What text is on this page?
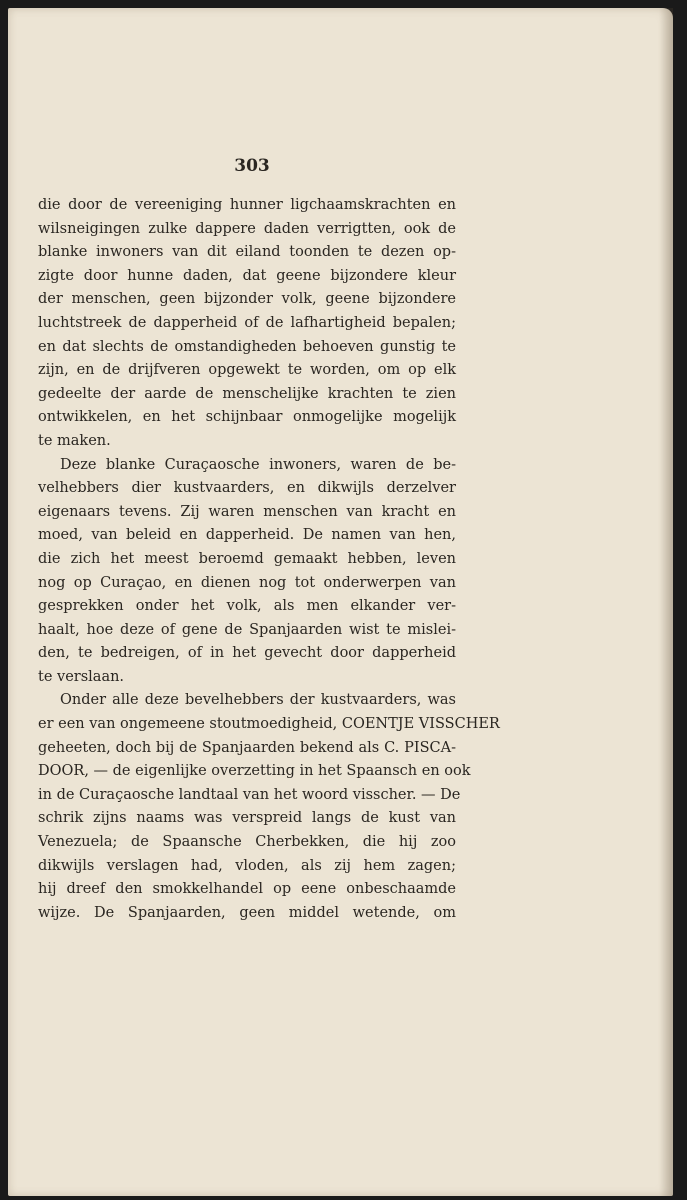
303
die door de vereeniging hunner ligchaamskrachten en
wilsneigingen zulke dappere daden verrigtten, ook de
blanke inwoners van dit eiland toonden te dezen op-
zigte door hunne daden, dat geene bijzondere kleur
der menschen, geen bijzonder volk, geene bijzondere
luchtstreek de dapperheid of de lafhartigheid bepalen;
en dat slechts de omstandigheden behoeven gunstig te
zijn, en de drijfveren opgewekt te worden, om op elk
gedeelte der aarde de menschelijke krachten te zien
ontwikkelen, en het schijnbaar onmogelijke mogelijk
te maken.
Deze blanke Curaçaosche inwoners, waren de be-
velhebbers dier kustvaarders, en dikwijls derzelver
eigenaars tevens. Zij waren menschen van kracht en
moed, van beleid en dapperheid. De namen van hen,
die zich het meest beroemd gemaakt hebben, leven
nog op Curaçao, en dienen nog tot onderwerpen van
gesprekken onder het volk, als men elkander ver-
haalt, hoe deze of gene de Spanjaarden wist te mislei-
den, te bedreigen, of in het gevecht door dapperheid
te verslaan.
Onder alle deze bevelhebbers der kustvaarders, was
er een van ongemeene stoutmoedigheid, COENTJE VISSCHER
geheeten, doch bij de Spanjaarden bekend als C. PISCA-
DOOR, — de eigenlijke overzetting in het Spaansch en ook
in de Curaçaosche landtaal van het woord visscher. — De
schrik zijns naams was verspreid langs de kust van
Venezuela; de Spaansche Cherbekken, die hij zoo
dikwijls verslagen had, vloden, als zij hem zagen;
hij dreef den smokkelhandel op eene onbeschaamde
wijze. De Spanjaarden, geen middel wetende, om
